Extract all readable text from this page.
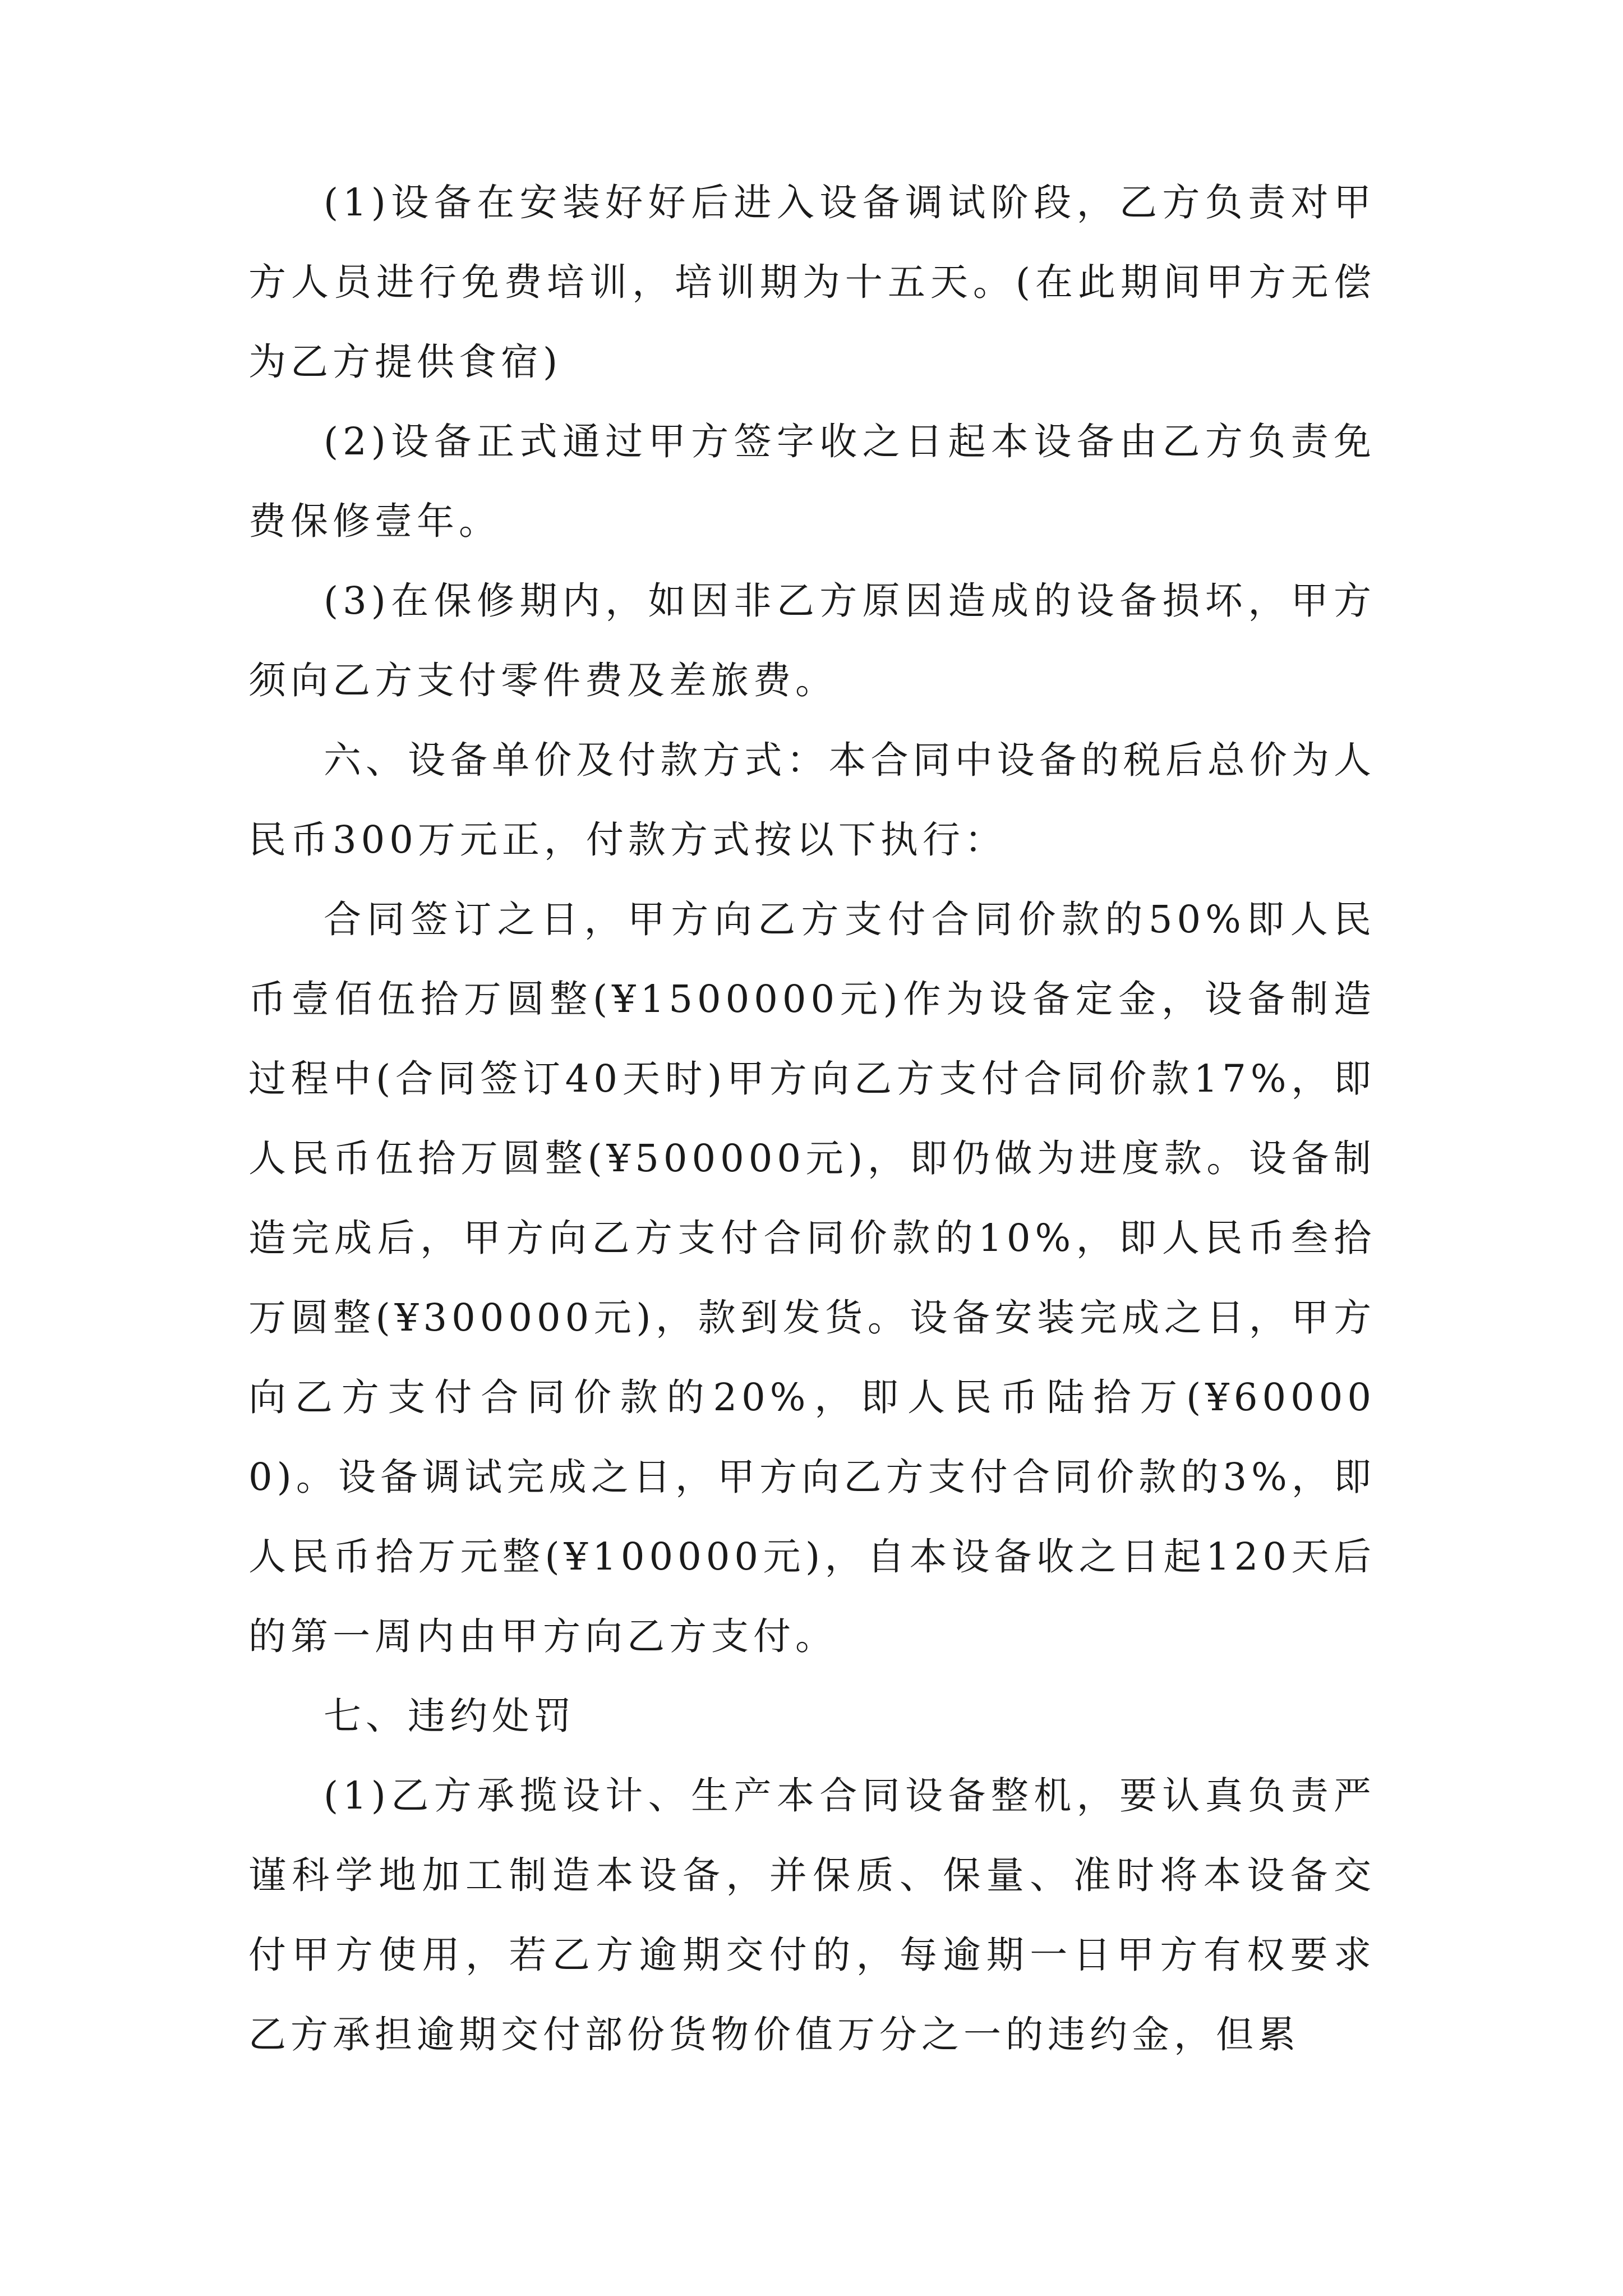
(1)设备在安装好好后进入设备调试阶段，乙方负责对甲方人员进行免费培训，培训期为十五天。(在此期间甲方无偿为乙方提供食宿)

(2)设备正式通过甲方签字收之日起本设备由乙方负责免费保修壹年。

(3)在保修期内，如因非乙方原因造成的设备损坏，甲方须向乙方支付零件费及差旅费。

六、设备单价及付款方式：本合同中设备的税后总价为人民币300万元正，付款方式按以下执行：

合同签订之日，甲方向乙方支付合同价款的50%即人民币壹佰伍拾万圆整(¥1500000元)作为设备定金，设备制造过程中(合同签订40天时)甲方向乙方支付合同价款17%，即人民币伍拾万圆整(¥500000元)，即仍做为进度款。设备制造完成后，甲方向乙方支付合同价款的10%，即人民币叁拾万圆整(¥300000元)，款到发货。设备安装完成之日，甲方向乙方支付合同价款的20%，即人民币陆拾万(¥600000)。设备调试完成之日，甲方向乙方支付合同价款的3%，即人民币拾万元整(¥100000元)，自本设备收之日起120天后的第一周内由甲方向乙方支付。

七、违约处罚

(1)乙方承揽设计、生产本合同设备整机，要认真负责严谨科学地加工制造本设备，并保质、保量、准时将本设备交付甲方使用，若乙方逾期交付的，每逾期一日甲方有权要求乙方承担逾期交付部份货物价值万分之一的违约金，但累
